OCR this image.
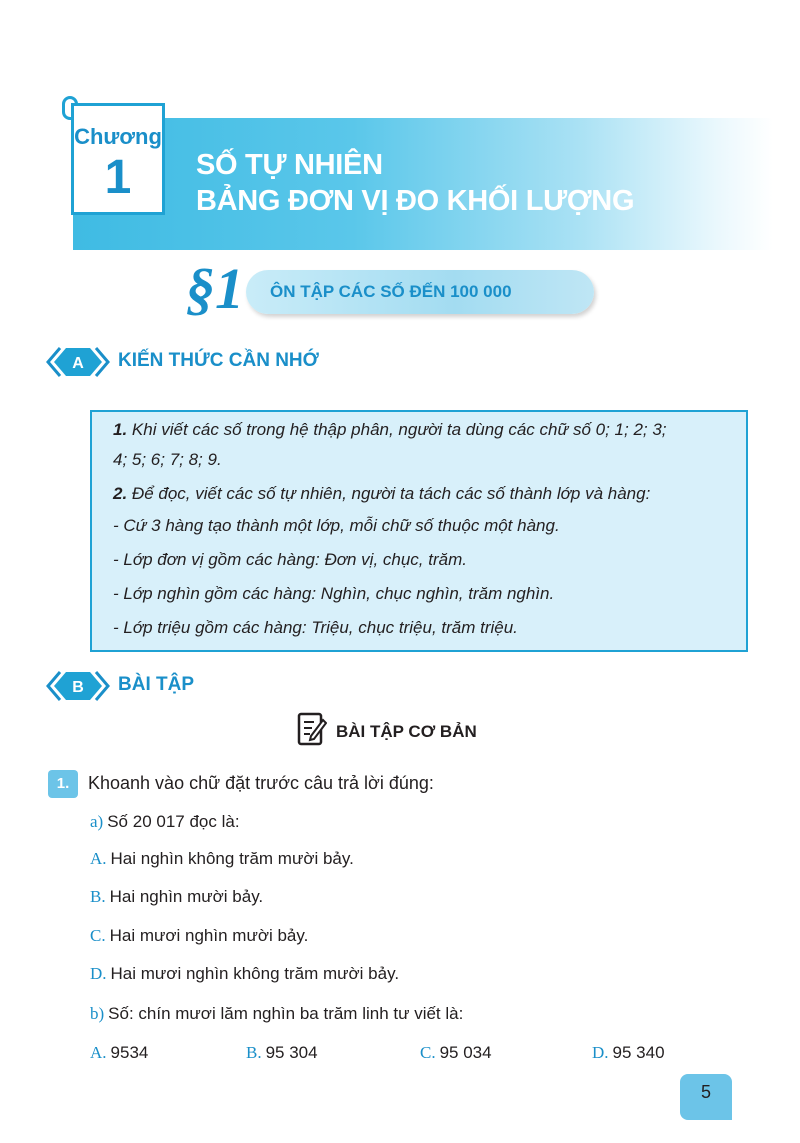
Chương
1	SỐ TỰ NHIÊN
BẢNG ĐƠN VỊ ĐO KHỐI LƯỢNG
§1 ÔN TẬP CÁC SỐ ĐẾN 100 000
A KIẾN THỨC CẦN NHỚ
1. Khi viết các số trong hệ thập phân, người ta dùng các chữ số 0; 1; 2; 3;
4; 5; 6; 7; 8; 9.
2. Để đọc, viết các số tự nhiên, người ta tách các số thành lớp và hàng:
- Cứ 3 hàng tạo thành một lớp, mỗi chữ số thuộc một hàng.
- Lớp đơn vị gồm các hàng: Đơn vị, chục, trăm.
- Lớp nghìn gồm các hàng: Nghìn, chục nghìn, trăm nghìn.
- Lớp triệu gồm các hàng: Triệu, chục triệu, trăm triệu.
B BÀI TẬP
BÀI TẬP CƠ BẢN
1.	Khoanh vào chữ đặt trước câu trả lời đúng:
a) Số 20 017 đọc là:
A. Hai nghìn không trăm mười bảy.
B. Hai nghìn mười bảy.
C. Hai mươi nghìn mười bảy.
D. Hai mươi nghìn không trăm mười bảy.
b) Số: chín mươi lăm nghìn ba trăm linh tư viết là:
A. 9534	B. 95 304	C. 95 034	D. 95 340
5
